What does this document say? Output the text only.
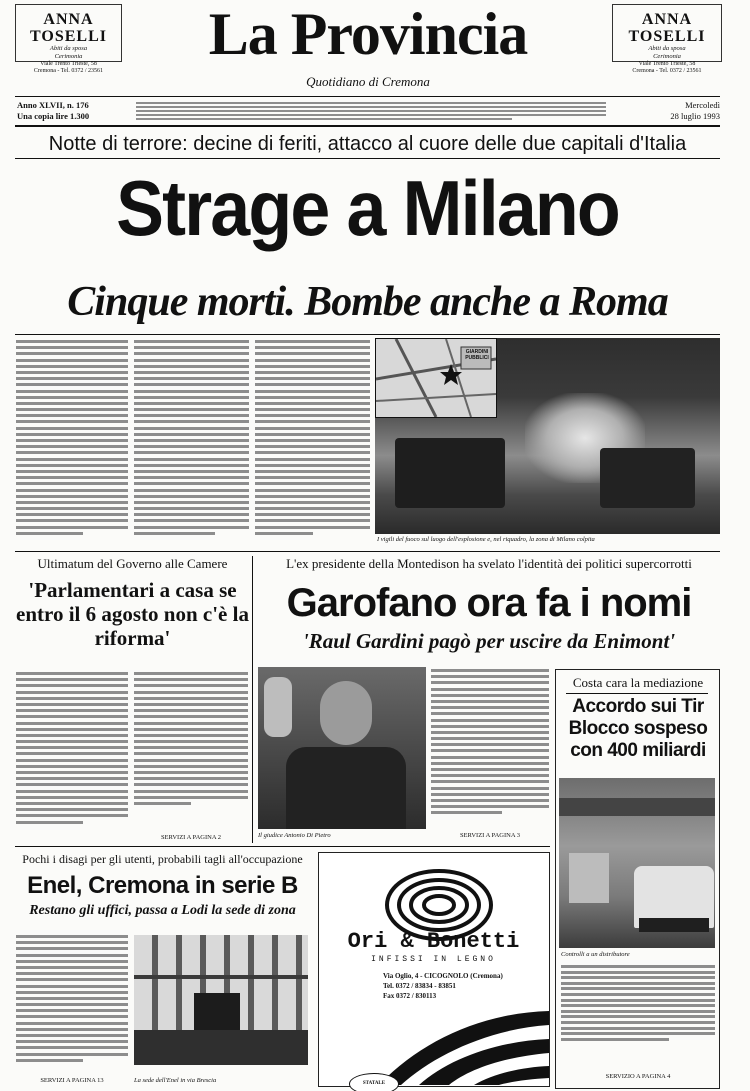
ANNA
TOSELLI
Abiti da sposa
Cerimonia
Viale Trento Trieste, 58
Cremona - Tel. 0372 / 23561
ANNA
TOSELLI
Abiti da sposa
Cerimonia
Viale Trento Trieste, 58
Cremona - Tel. 0372 / 23561
La Provincia
Quotidiano di Cremona
Anno XLVII, n. 176
Una copia lire 1.300
Mercoledì
28 luglio 1993
Notte di terrore: decine di feriti, attacco al cuore delle due capitali d'Italia
Strage a Milano
Cinque morti. Bombe anche a Roma
GIARDINI PUBBLICI
I vigili del fuoco sul luogo dell'esplosione e, nel riquadro, la zona di Milano colpita
Ultimatum del Governo alle Camere
'Parlamentari a casa se entro il 6 agosto non c'è la riforma'
SERVIZI A PAGINA 2
L'ex presidente della Montedison ha svelato l'identità dei politici supercorrotti
Garofano ora fa i nomi
'Raul Gardini pagò per uscire da Enimont'
Il giudice Antonio Di Pietro	SERVIZI A PAGINA 3
Costa cara la mediazione
Accordo sui Tir Blocco sospeso con 400 miliardi
Controlli a un distributore
SERVIZIO A PAGINA 4
Pochi i disagi per gli utenti, probabili tagli all'occupazione
Enel, Cremona in serie B
Restano gli uffici, passa a Lodi la sede di zona
SERVIZI A PAGINA 13	La sede dell'Enel in via Brescia
Ori & Bonetti
INFISSI IN LEGNO
Via Oglio, 4 - CICOGNOLO (Cremona)
Tel. 0372 / 83834 - 83851
Fax 0372 / 830113
STATALE
